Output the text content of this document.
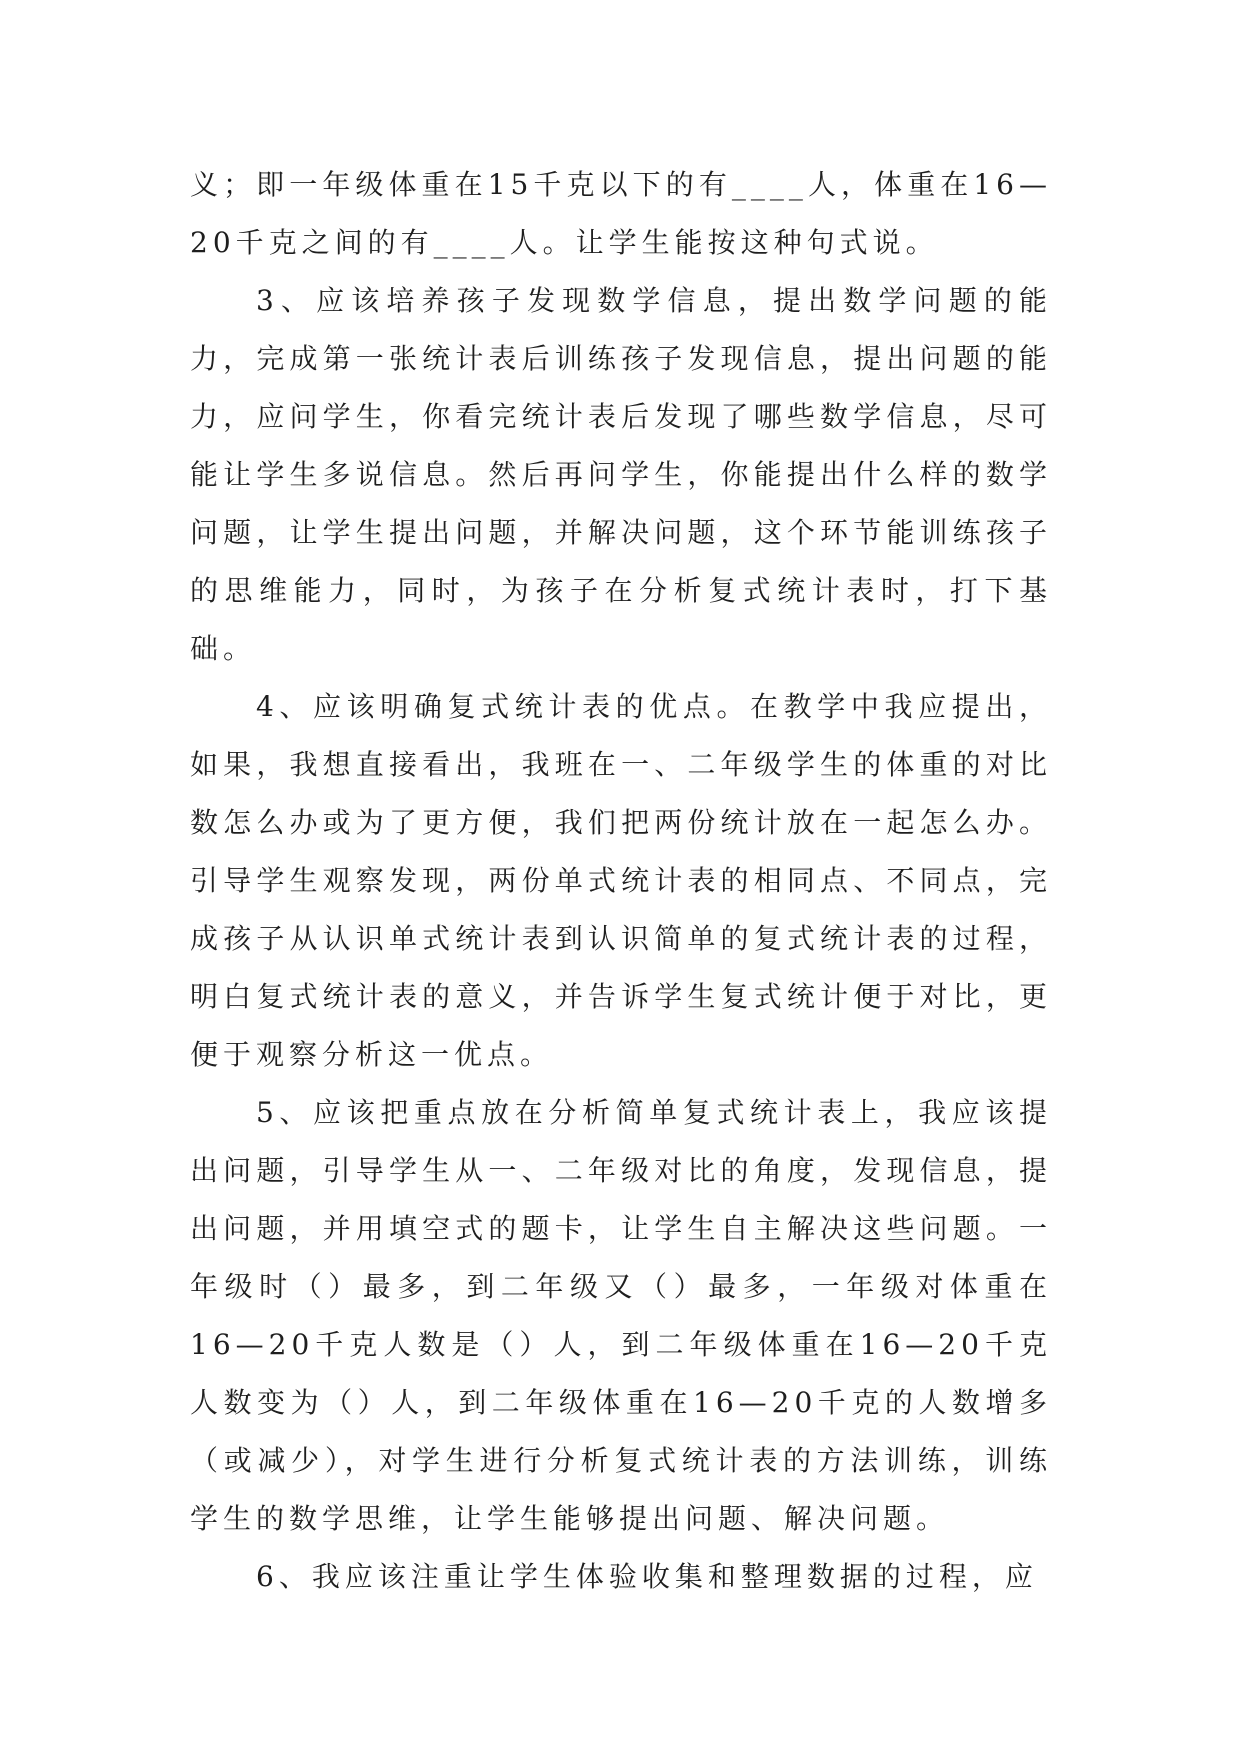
义；即一年级体重在15千克以下的有____人，体重在16—20千克之间的有____人。让学生能按这种句式说。

3、应该培养孩子发现数学信息，提出数学问题的能力，完成第一张统计表后训练孩子发现信息，提出问题的能力，应问学生，你看完统计表后发现了哪些数学信息，尽可能让学生多说信息。然后再问学生，你能提出什么样的数学问题，让学生提出问题，并解决问题，这个环节能训练孩子的思维能力，同时，为孩子在分析复式统计表时，打下基础。

4、应该明确复式统计表的优点。在教学中我应提出，如果，我想直接看出，我班在一、二年级学生的体重的对比数怎么办或为了更方便，我们把两份统计放在一起怎么办。引导学生观察发现，两份单式统计表的相同点、不同点，完成孩子从认识单式统计表到认识简单的复式统计表的过程，明白复式统计表的意义，并告诉学生复式统计便于对比，更便于观察分析这一优点。

5、应该把重点放在分析简单复式统计表上，我应该提出问题，引导学生从一、二年级对比的角度，发现信息，提出问题，并用填空式的题卡，让学生自主解决这些问题。一年级时（）最多，到二年级又（）最多，一年级对体重在16—20千克人数是（）人，到二年级体重在16—20千克人数变为（）人，到二年级体重在16—20千克的人数增多（或减少），对学生进行分析复式统计表的方法训练，训练学生的数学思维，让学生能够提出问题、解决问题。

6、我应该注重让学生体验收集和整理数据的过程，应
